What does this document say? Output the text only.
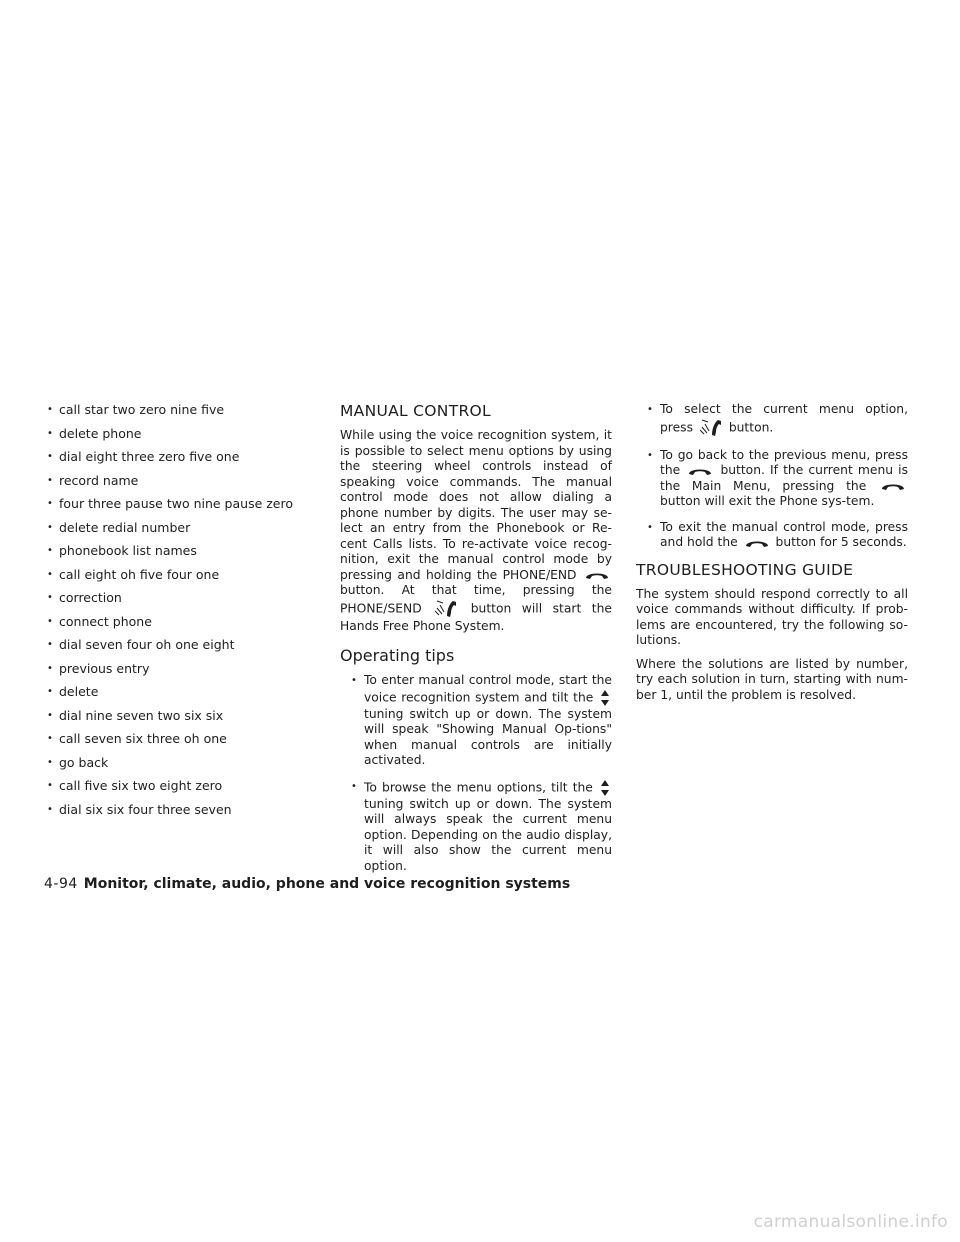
• call star two zero nine five
• delete phone
• dial eight three zero five one
• record name
• four three pause two nine pause zero
• delete redial number
• phonebook list names
• call eight oh five four one
• correction
• connect phone
• dial seven four oh one eight
• previous entry
• delete
• dial nine seven two six six
• call seven six three oh one
• go back
• call five six two eight zero
• dial six six four three seven
MANUAL CONTROL

While using the voice recognition system, it is possible to select menu options by using the steering wheel controls instead of speaking voice commands. The manual control mode does not allow dialing a phone number by digits. The user may se-lect an entry from the Phonebook or Re-cent Calls lists. To re-activate voice recog-nition, exit the manual control mode by pressing and holding the PHONE/END
button. At that time, pressing the PHONE/SEND	button will start the Hands Free Phone System.

Operating tips
• To enter manual control mode, start the voice recognition system and tilt the
tuning switch up or down. The system will speak "Showing Manual Op-tions" when manual controls are initially activated.
• To browse the menu options, tilt the
tuning switch up or down. The system will always speak the current menu option. Depending on the audio display, it will also show the current menu option.
• To select the current menu option, press	button.
• To go back to the previous menu, press the	button. If the current menu is the Main Menu, pressing the
button will exit the Phone sys-tem.
• To exit the manual control mode, press and hold the	button for 5 seconds.
TROUBLESHOOTING GUIDE

The system should respond correctly to all voice commands without difficulty. If prob-lems are encountered, try the following so-lutions.

Where the solutions are listed by number, try each solution in turn, starting with num-ber 1, until the problem is resolved.

4-94 Monitor, climate, audio, phone and voice recognition systems
carmanualsonline.info
